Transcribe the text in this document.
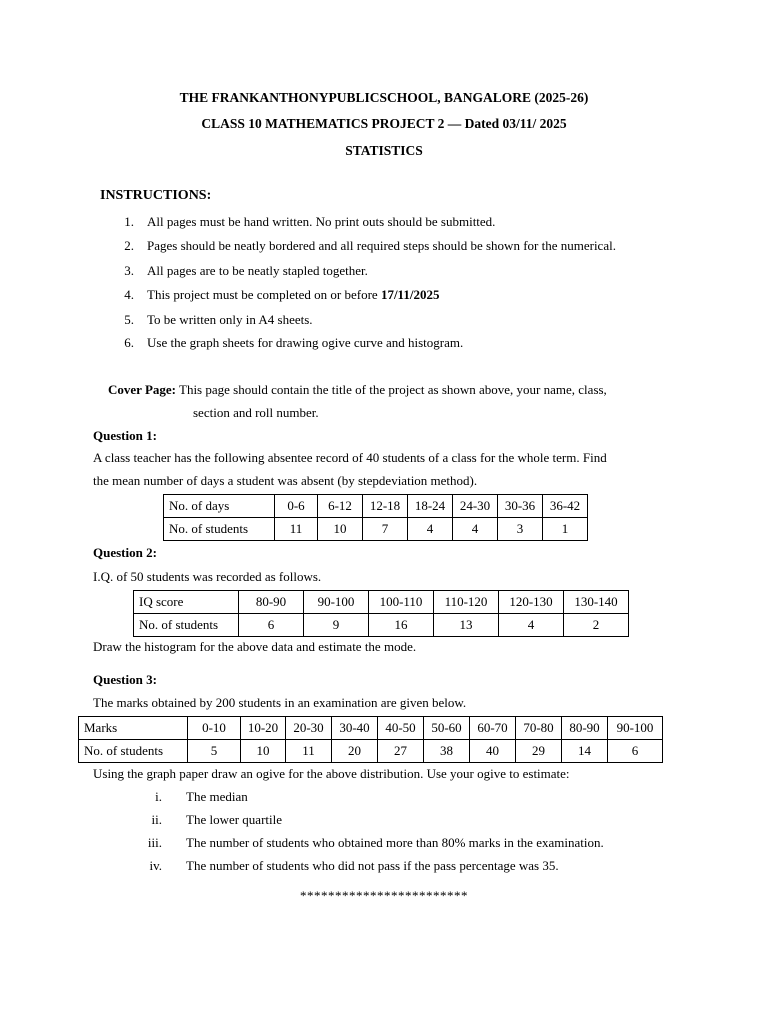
THE FRANKANTHONYPUBLICSCHOOL, BANGALORE (2025-26)
CLASS 10 MATHEMATICS PROJECT 2 — Dated 03/11/ 2025
STATISTICS
INSTRUCTIONS:
1. All pages must be hand written. No print outs should be submitted.
2. Pages should be neatly bordered and all required steps should be shown for the numerical.
3. All pages are to be neatly stapled together.
4. This project must be completed on or before 17/11/2025
5. To be written only in A4 sheets.
6. Use the graph sheets for drawing ogive curve and histogram.
Cover Page: This page should contain the title of the project as shown above, your name, class,
section and roll number.
Question 1:
A class teacher has the following absentee record of 40 students of a class for the whole term. Find
the mean number of days a student was absent (by stepdeviation method).
No. of days	0-6	6-12	12-18	18-24	24-30	30-36	36-42
No. of students	11	10	7	4	4	3	1
Question 2:
I.Q. of 50 students was recorded as follows.
IQ score	80-90	90-100	100-110	110-120	120-130	130-140
No. of students	6	9	16	13	4	2
Draw the histogram for the above data and estimate the mode.
Question 3:
The marks obtained by 200 students in an examination are given below.
Marks	0-10	10-20	20-30	30-40	40-50	50-60	60-70	70-80	80-90	90-100
No. of students	5	10	11	20	27	38	40	29	14	6
Using the graph paper draw an ogive for the above distribution. Use your ogive to estimate:
i. The median
ii. The lower quartile
iii. The number of students who obtained more than 80% marks in the examination.
iv. The number of students who did not pass if the pass percentage was 35.
************************
